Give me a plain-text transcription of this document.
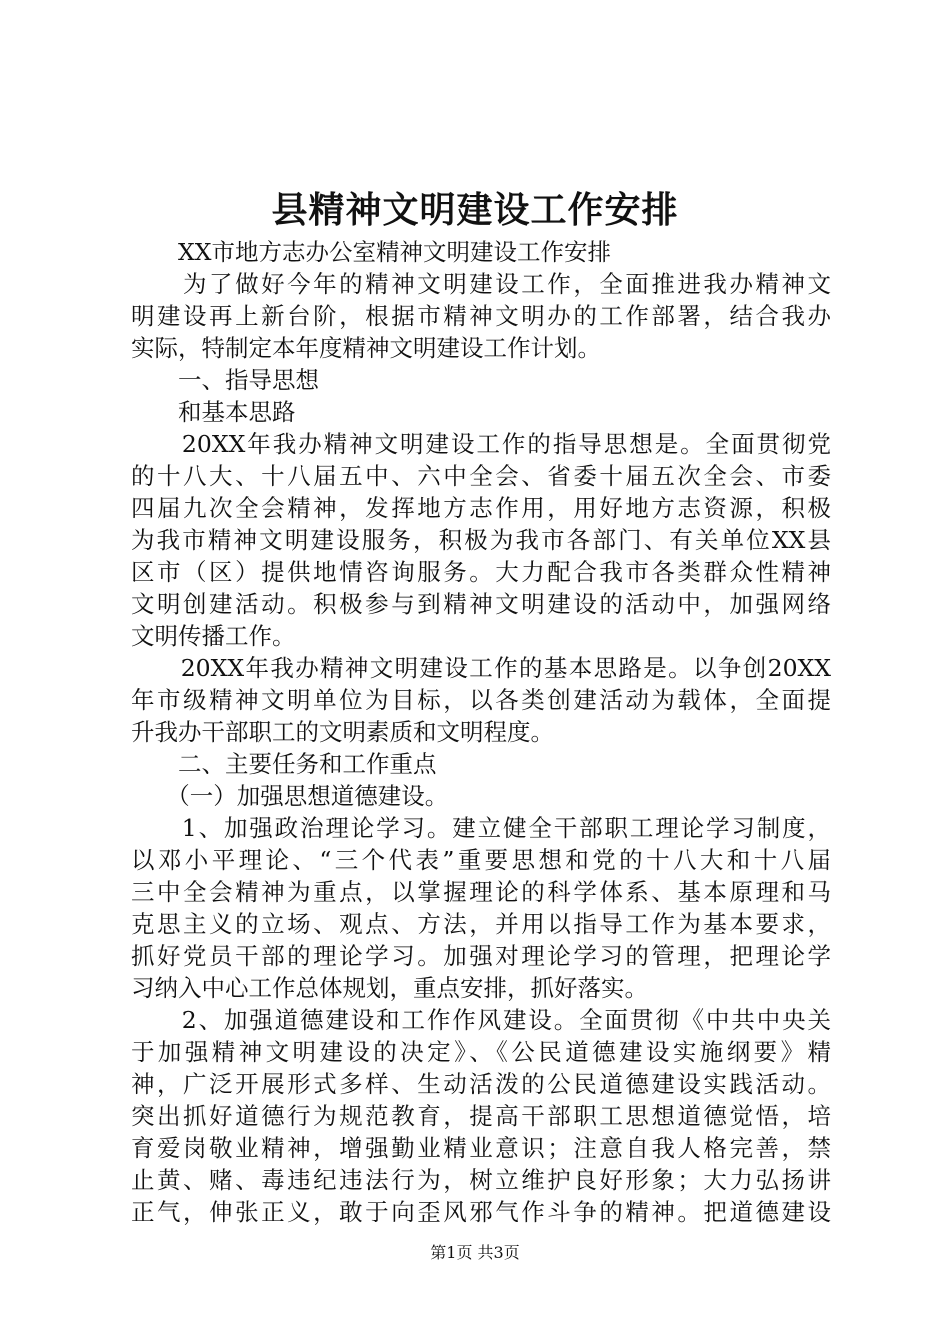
县精神文明建设工作安排
　　XX市地方志办公室精神文明建设工作安排
　　为了做好今年的精神文明建设工作，全面推进我办精神文
明建设再上新台阶，根据市精神文明办的工作部署，结合我办
实际，特制定本年度精神文明建设工作计划。
　　一、指导思想
　　和基本思路
　　20XX年我办精神文明建设工作的指导思想是。全面贯彻党
的十八大、十八届五中、六中全会、省委十届五次全会、市委
四届九次全会精神，发挥地方志作用，用好地方志资源，积极
为我市精神文明建设服务，积极为我市各部门、有关单位XX县
区市（区）提供地情咨询服务。大力配合我市各类群众性精神
文明创建活动。积极参与到精神文明建设的活动中，加强网络
文明传播工作。
　　20XX年我办精神文明建设工作的基本思路是。以争创20XX
年市级精神文明单位为目标，以各类创建活动为载体，全面提
升我办干部职工的文明素质和文明程度。
　　二、主要任务和工作重点
　　（一）加强思想道德建设。
　　1、加强政治理论学习。建立健全干部职工理论学习制度，
以邓小平理论、“三个代表”重要思想和党的十八大和十八届
三中全会精神为重点，以掌握理论的科学体系、基本原理和马
克思主义的立场、观点、方法，并用以指导工作为基本要求，
抓好党员干部的理论学习。加强对理论学习的管理，把理论学
习纳入中心工作总体规划，重点安排，抓好落实。
　　2、加强道德建设和工作作风建设。全面贯彻《中共中央关
于加强精神文明建设的决定》、《公民道德建设实施纲要》精
神，广泛开展形式多样、生动活泼的公民道德建设实践活动。
突出抓好道德行为规范教育，提高干部职工思想道德觉悟，培
育爱岗敬业精神，增强勤业精业意识；注意自我人格完善，禁
止黄、赌、毒违纪违法行为，树立维护良好形象；大力弘扬讲
正气，伸张正义，敢于向歪风邪气作斗争的精神。把道德建设
第1页 共3页
